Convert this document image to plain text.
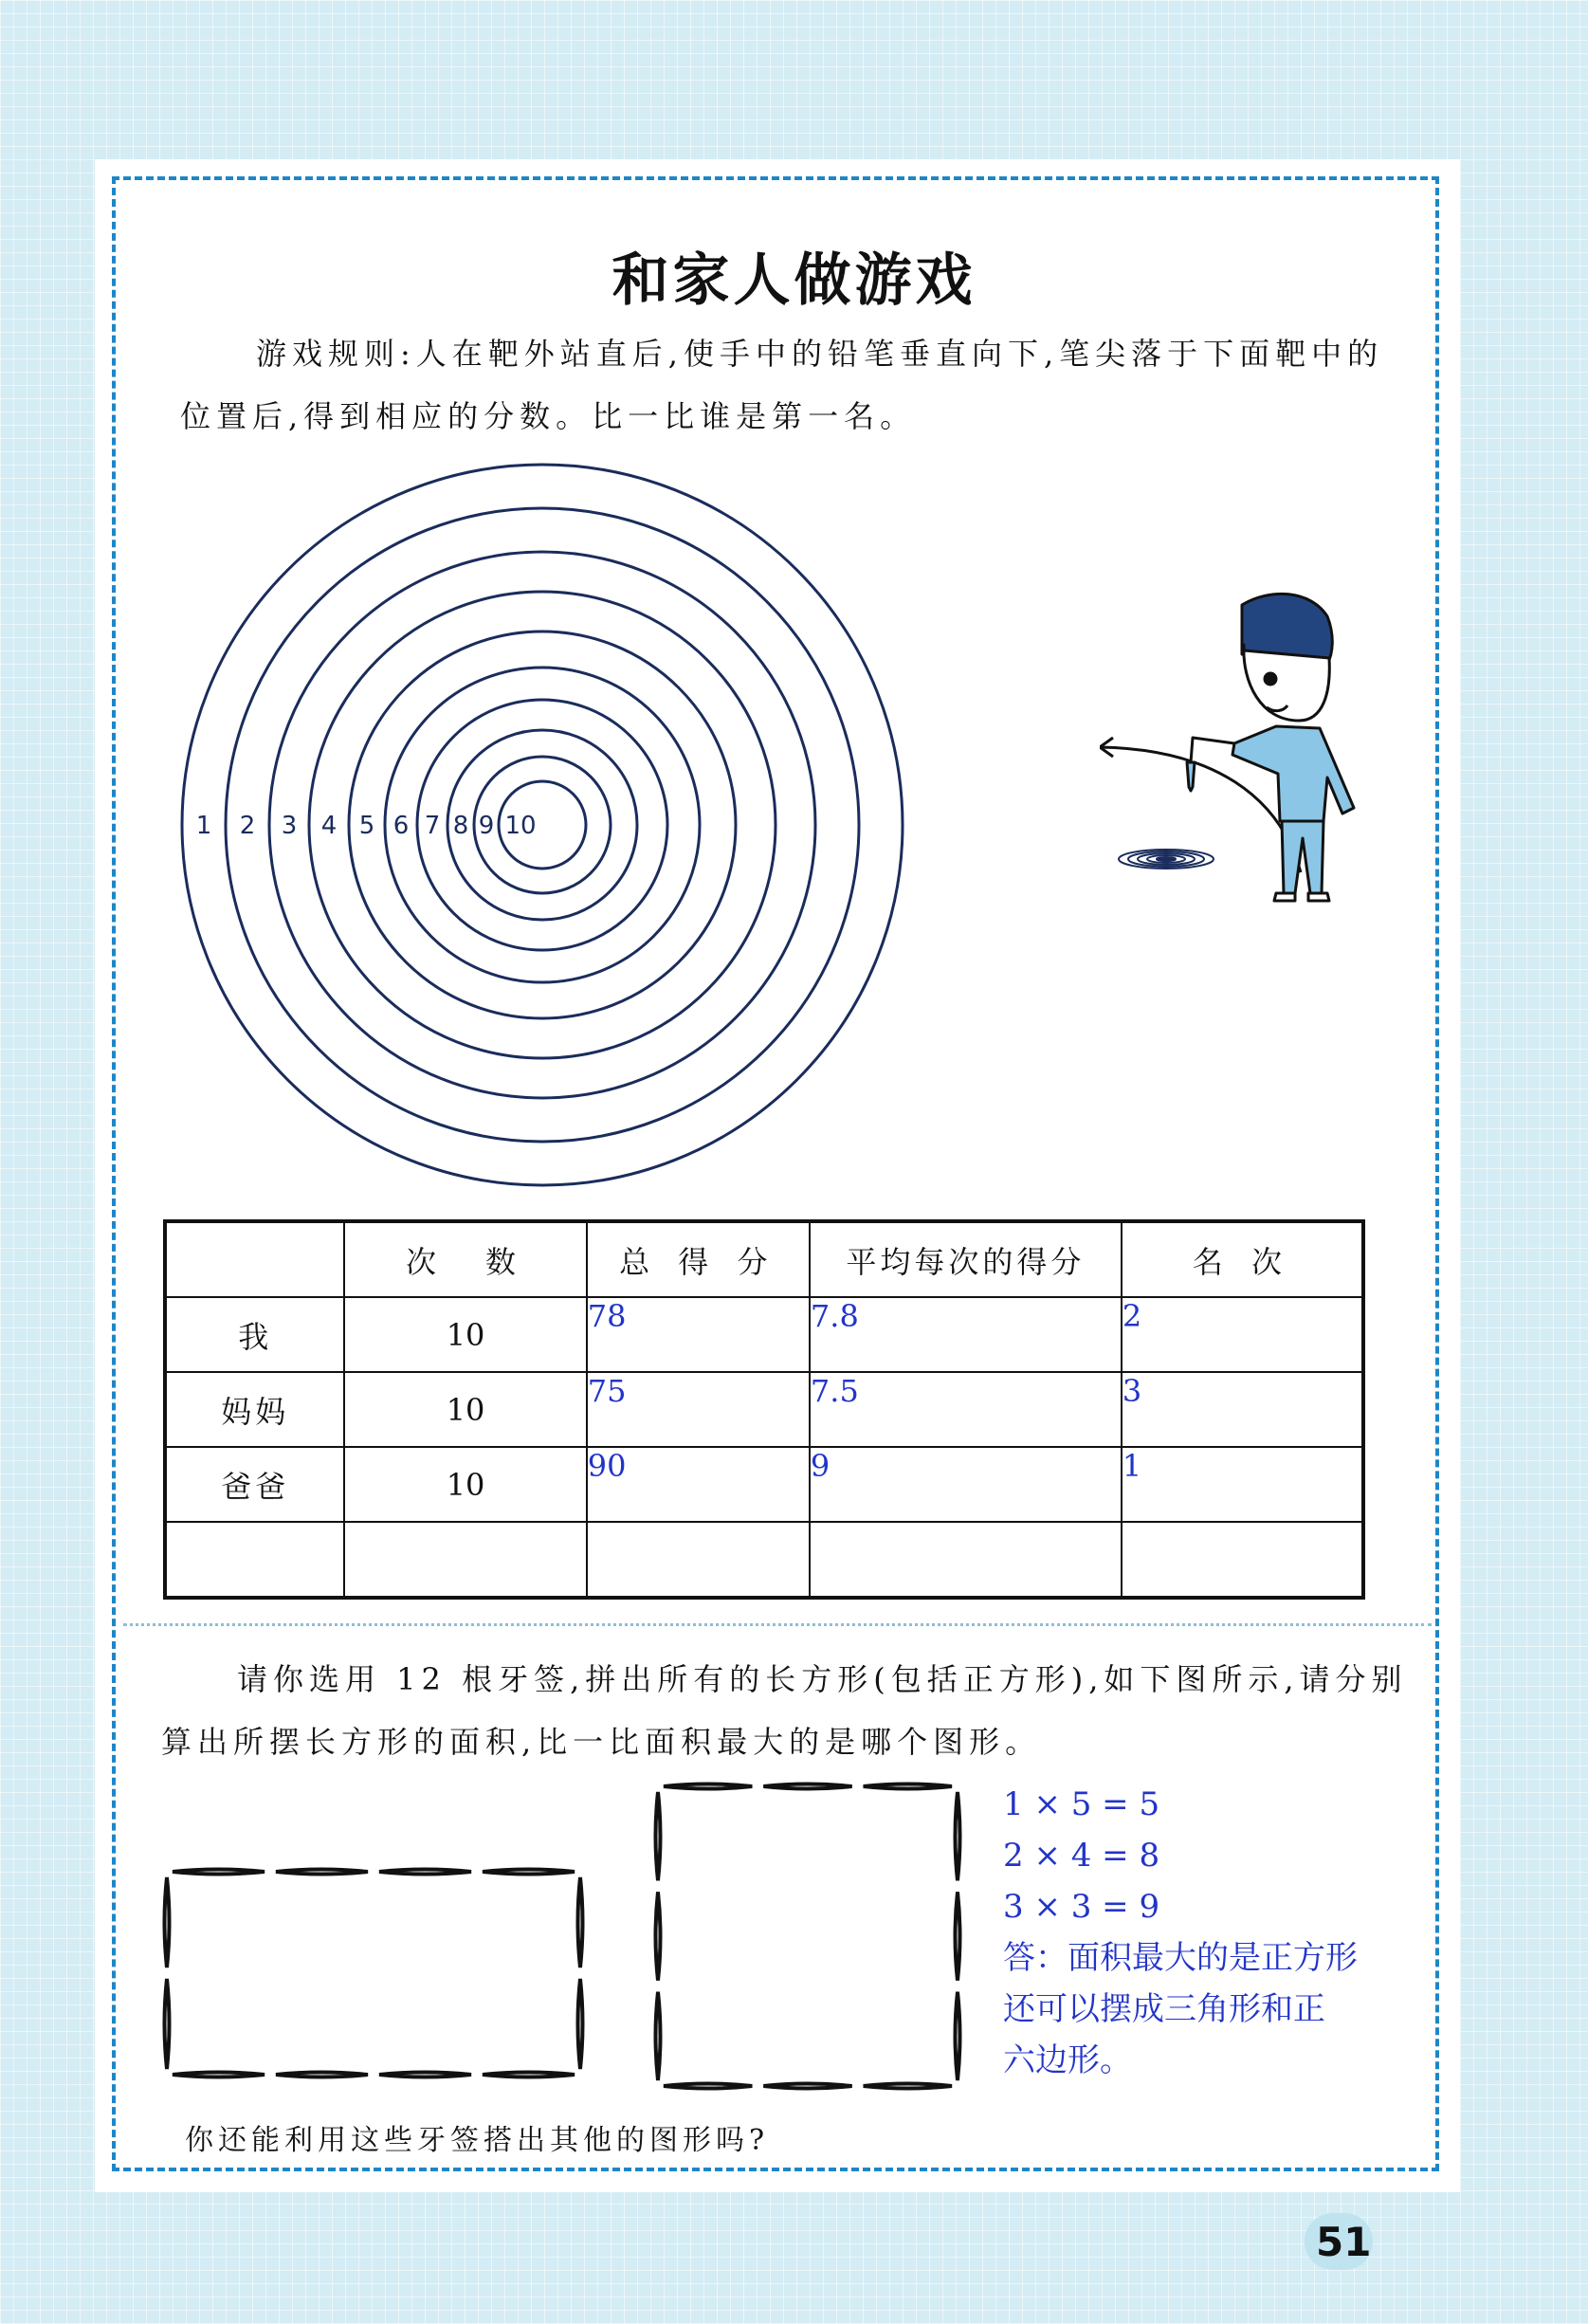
和家人做游戏

游戏规则:人在靶外站直后,使手中的铅笔垂直向下,笔尖落于下面靶中的位置后,得到相应的分数。比一比谁是第一名。

1 2 3 4 5 6 7 8 9 10
	次　数	总 得 分	平均每次的得分	名 次
我	10	78	7.8	2
妈妈	10	75	7.5	3
爸爸	10	90	9	1

请你选用 12 根牙签,拼出所有的长方形(包括正方形),如下图所示,请分别算出所摆长方形的面积,比一比面积最大的是哪个图形。

1 × 5 = 5
2 × 4 = 8
3 × 3 = 9
答：面积最大的是正方形
还可以摆成三角形和正
六边形。

你还能利用这些牙签搭出其他的图形吗?

51
